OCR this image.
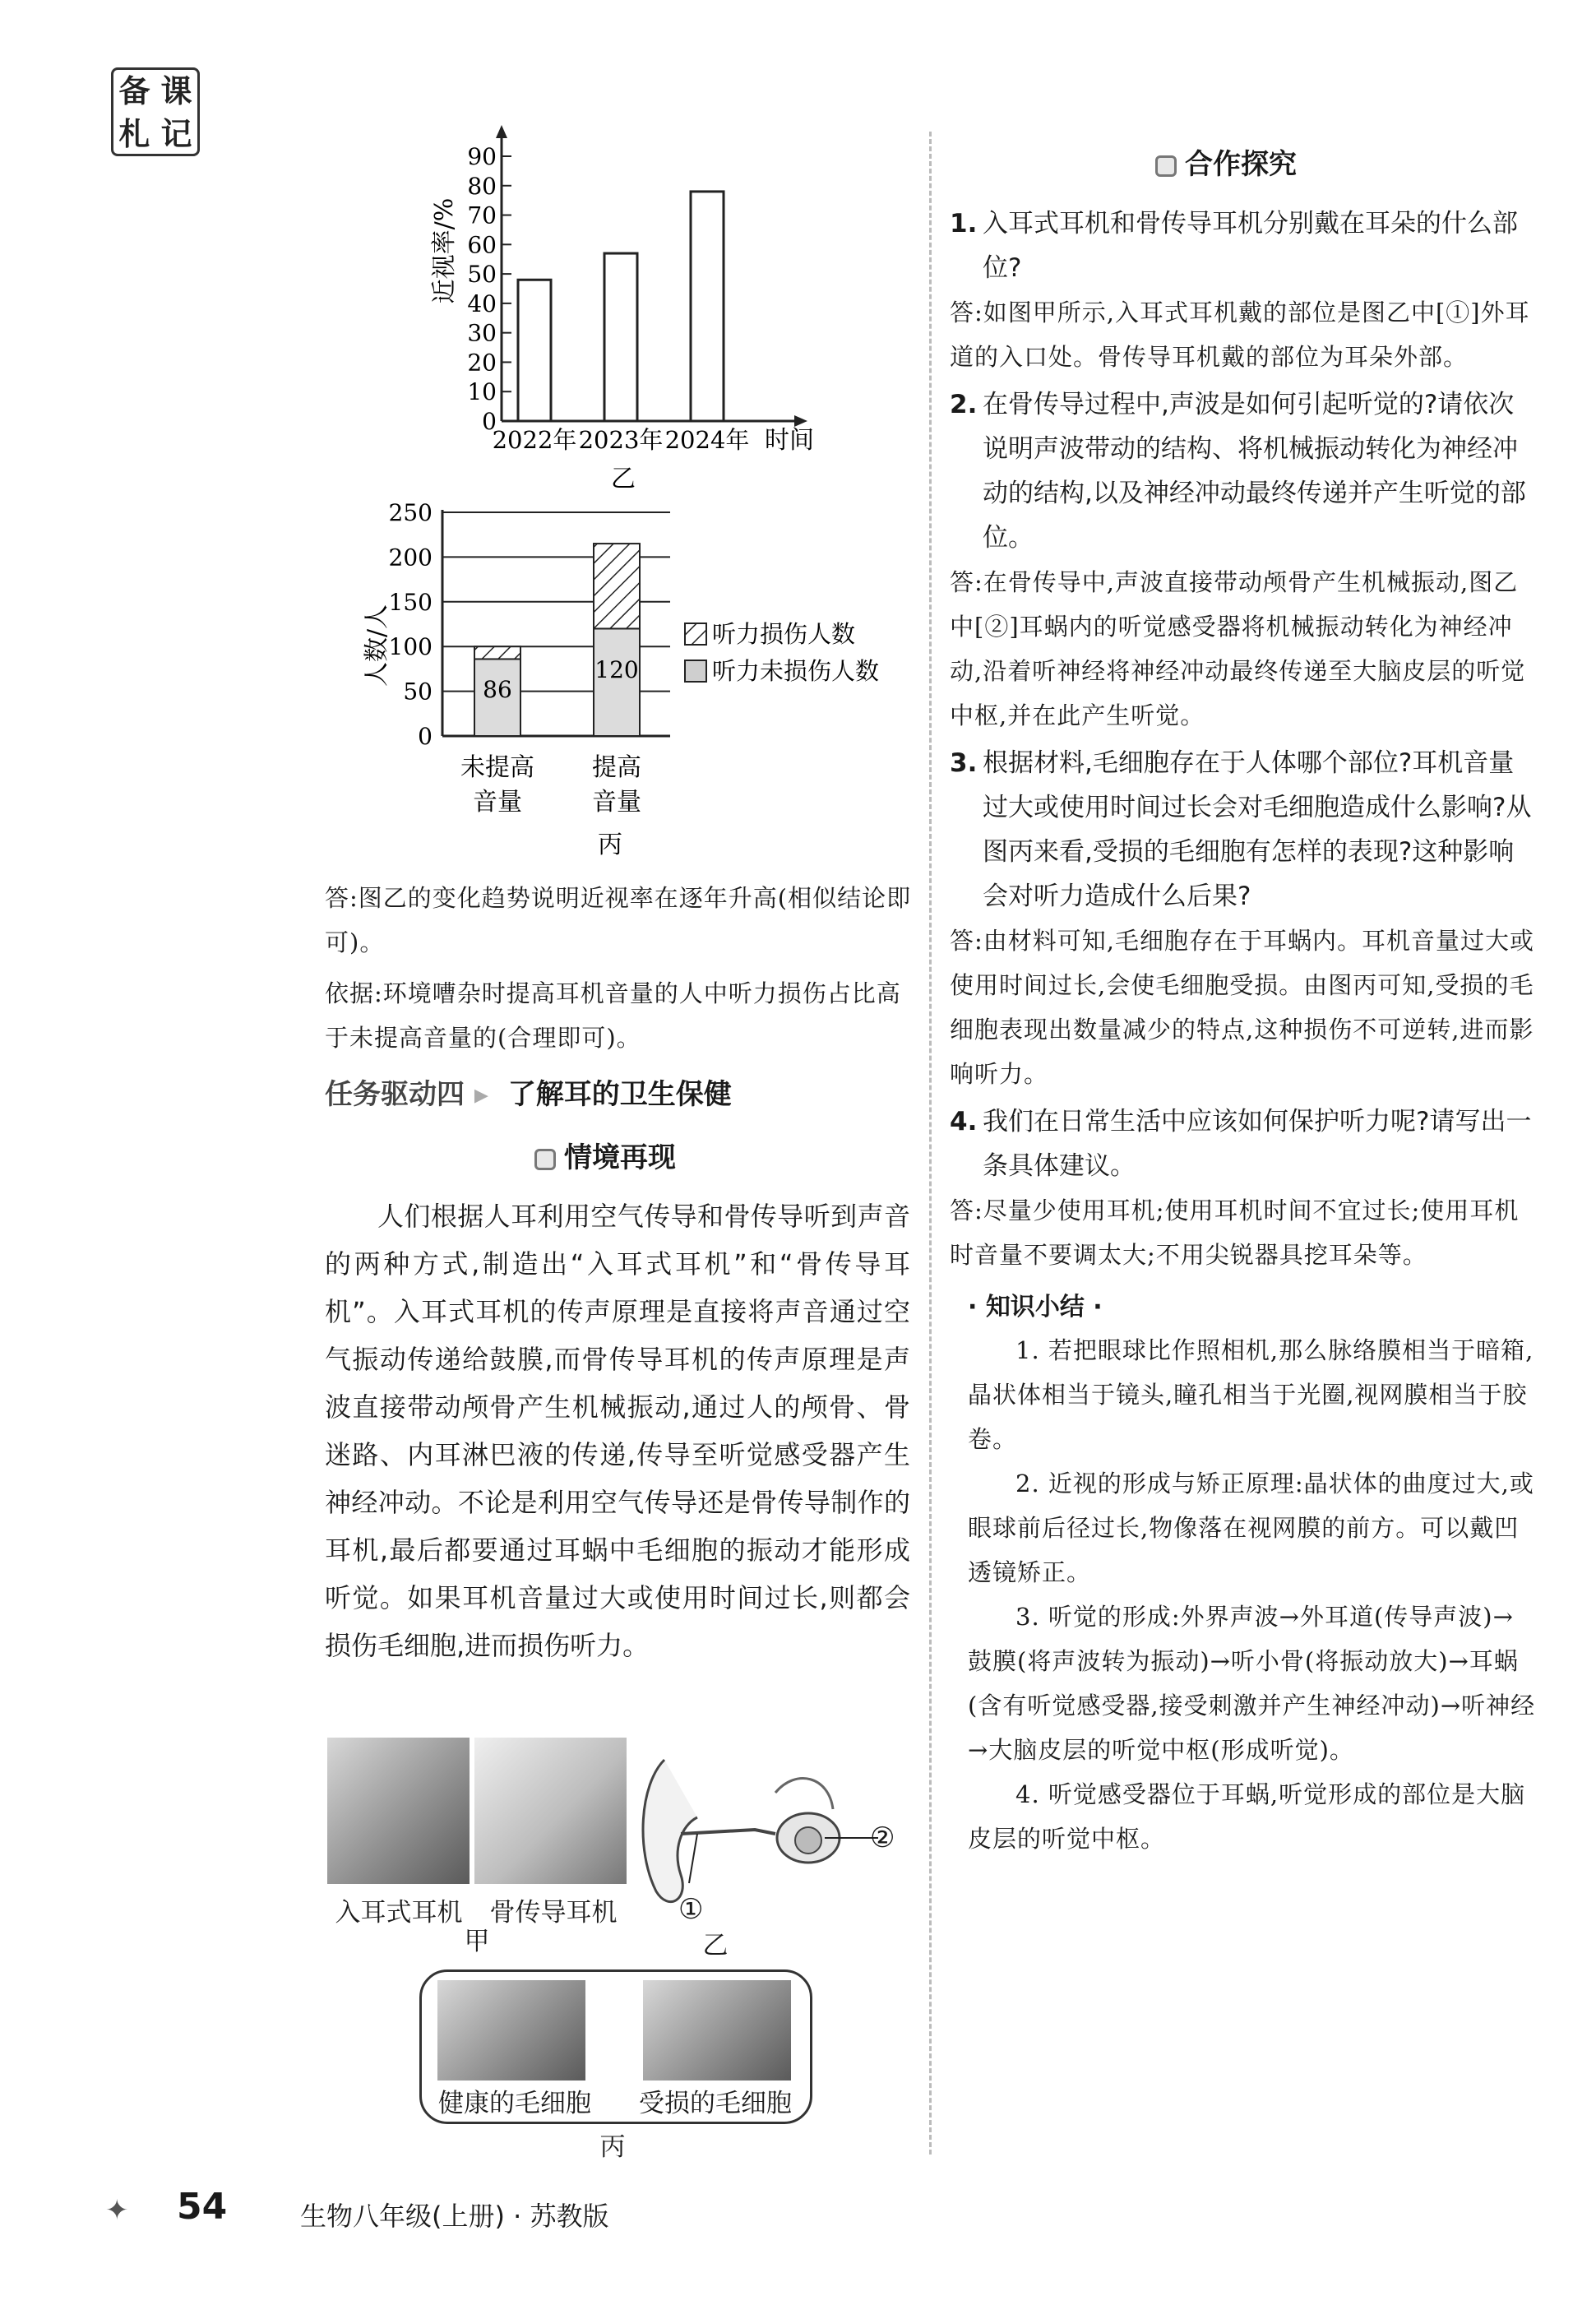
备 课
札 记
近视率/%
0
10
20
30
40
50
60
70
80
90
2022年 2023年 2024年 时间
乙
人数/人
0
50
100
150
200
250
86
120
听力损伤人数
听力未损伤人数
未提高
音量
提高
音量
丙
答:图乙的变化趋势说明近视率在逐年升高(相似结论即可)。
依据:环境嘈杂时提高耳机音量的人中听力损伤占比高于未提高音量的(合理即可)。
任务驱动四 ▸ 了解耳的卫生保健
情境再现
人们根据人耳利用空气传导和骨传导听到声音的两种方式,制造出“入耳式耳机”和“骨传导耳机”。入耳式耳机的传声原理是直接将声音通过空气振动传递给鼓膜,而骨传导耳机的传声原理是声波直接带动颅骨产生机械振动,通过人的颅骨、骨迷路、内耳淋巴液的传递,传导至听觉感受器产生神经冲动。不论是利用空气传导还是骨传导制作的耳机,最后都要通过耳蜗中毛细胞的振动才能形成听觉。如果耳机音量过大或使用时间过长,则都会损伤毛细胞,进而损伤听力。
②
①
入耳式耳机	骨传导耳机
甲	乙
健康的毛细胞	受损的毛细胞
丙
合作探究
1. 入耳式耳机和骨传导耳机分别戴在耳朵的什么部位?
答:如图甲所示,入耳式耳机戴的部位是图乙中[①]外耳道的入口处。骨传导耳机戴的部位为耳朵外部。
2. 在骨传导过程中,声波是如何引起听觉的?请依次说明声波带动的结构、将机械振动转化为神经冲动的结构,以及神经冲动最终传递并产生听觉的部位。
答:在骨传导中,声波直接带动颅骨产生机械振动,图乙中[②]耳蜗内的听觉感受器将机械振动转化为神经冲动,沿着听神经将神经冲动最终传递至大脑皮层的听觉中枢,并在此产生听觉。
3. 根据材料,毛细胞存在于人体哪个部位?耳机音量过大或使用时间过长会对毛细胞造成什么影响?从图丙来看,受损的毛细胞有怎样的表现?这种影响会对听力造成什么后果?
答:由材料可知,毛细胞存在于耳蜗内。耳机音量过大或使用时间过长,会使毛细胞受损。由图丙可知,受损的毛细胞表现出数量减少的特点,这种损伤不可逆转,进而影响听力。
4. 我们在日常生活中应该如何保护听力呢?请写出一条具体建议。
答:尽量少使用耳机;使用耳机时间不宜过长;使用耳机时音量不要调太大;不用尖锐器具挖耳朵等。
· 知识小结 ·
1. 若把眼球比作照相机,那么脉络膜相当于暗箱,晶状体相当于镜头,瞳孔相当于光圈,视网膜相当于胶卷。
2. 近视的形成与矫正原理:晶状体的曲度过大,或眼球前后径过长,物像落在视网膜的前方。可以戴凹透镜矫正。
3. 听觉的形成:外界声波→外耳道(传导声波)→鼓膜(将声波转为振动)→听小骨(将振动放大)→耳蜗(含有听觉感受器,接受刺激并产生神经冲动)→听神经→大脑皮层的听觉中枢(形成听觉)。
4. 听觉感受器位于耳蜗,听觉形成的部位是大脑皮层的听觉中枢。
✦ 54	生物八年级(上册) · 苏教版
